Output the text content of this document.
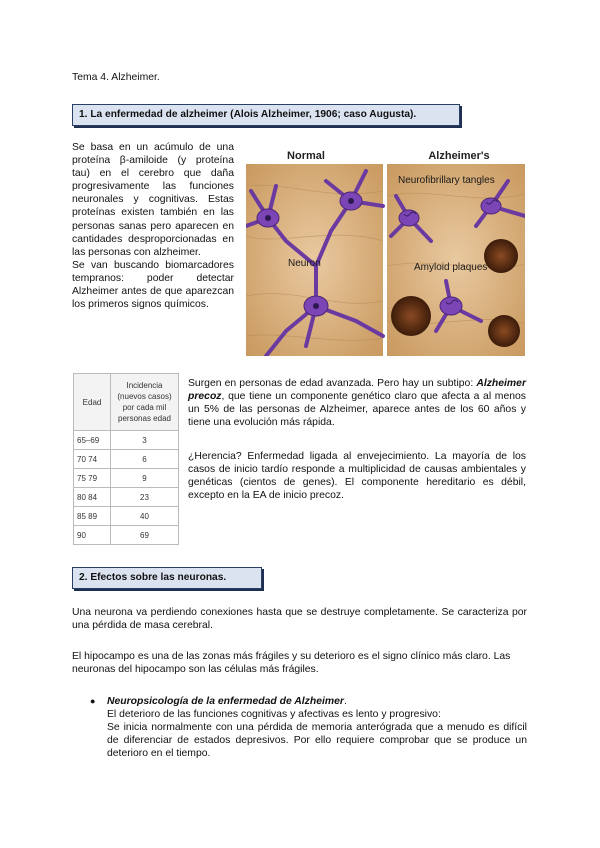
Tema 4. Alzheimer.
1. La enfermedad de alzheimer (Alois Alzheimer, 1906; caso Augusta).
Se basa en un acúmulo de una proteína β-amiloide (y proteína tau) en el cerebro que daña progresivamente las funciones neuronales y cognitivas. Estas proteínas existen también en las personas sanas pero aparecen en cantidades desproporcionadas en las personas con alzheimer.
Se van buscando biomarcadores tempranos: poder detectar Alzheimer antes de que aparezcan los primeros signos químicos.
Normal	Alzheimer's
Neurofibrillary tangles
Neuron	Amyloid plaques
Edad	Incidencia (nuevos casos) por cada mil personas edad
65–69	3
70 74	6
75 79	9
80 84	23
85 89	40
90	69
Surgen en personas de edad avanzada. Pero hay un subtipo: Alzheimer precoz, que tiene un componente genético claro que afecta a al menos un 5% de las personas de Alzheimer, aparece antes de los 60 años y tiene una evolución más rápida.
¿Herencia? Enfermedad ligada al envejecimiento. La mayoría de los casos de inicio tardío responde a multiplicidad de causas ambientales y genéticas (cientos de genes). El componente hereditario es débil, excepto en la EA de inicio precoz.
2. Efectos sobre las neuronas.
Una neurona va perdiendo conexiones hasta que se destruye completamente. Se caracteriza por una pérdida de masa cerebral.
El hipocampo es una de las zonas más frágiles y su deterioro es el signo clínico más claro. Las neuronas del hipocampo son las células más frágiles.
● Neuropsicología de la enfermedad de Alzheimer.
El deterioro de las funciones cognitivas y afectivas es lento y progresivo:
Se inicia normalmente con una pérdida de memoria anterógrada que a menudo es difícil de diferenciar de estados depresivos. Por ello requiere comprobar que se produce un deterioro en el tiempo.
